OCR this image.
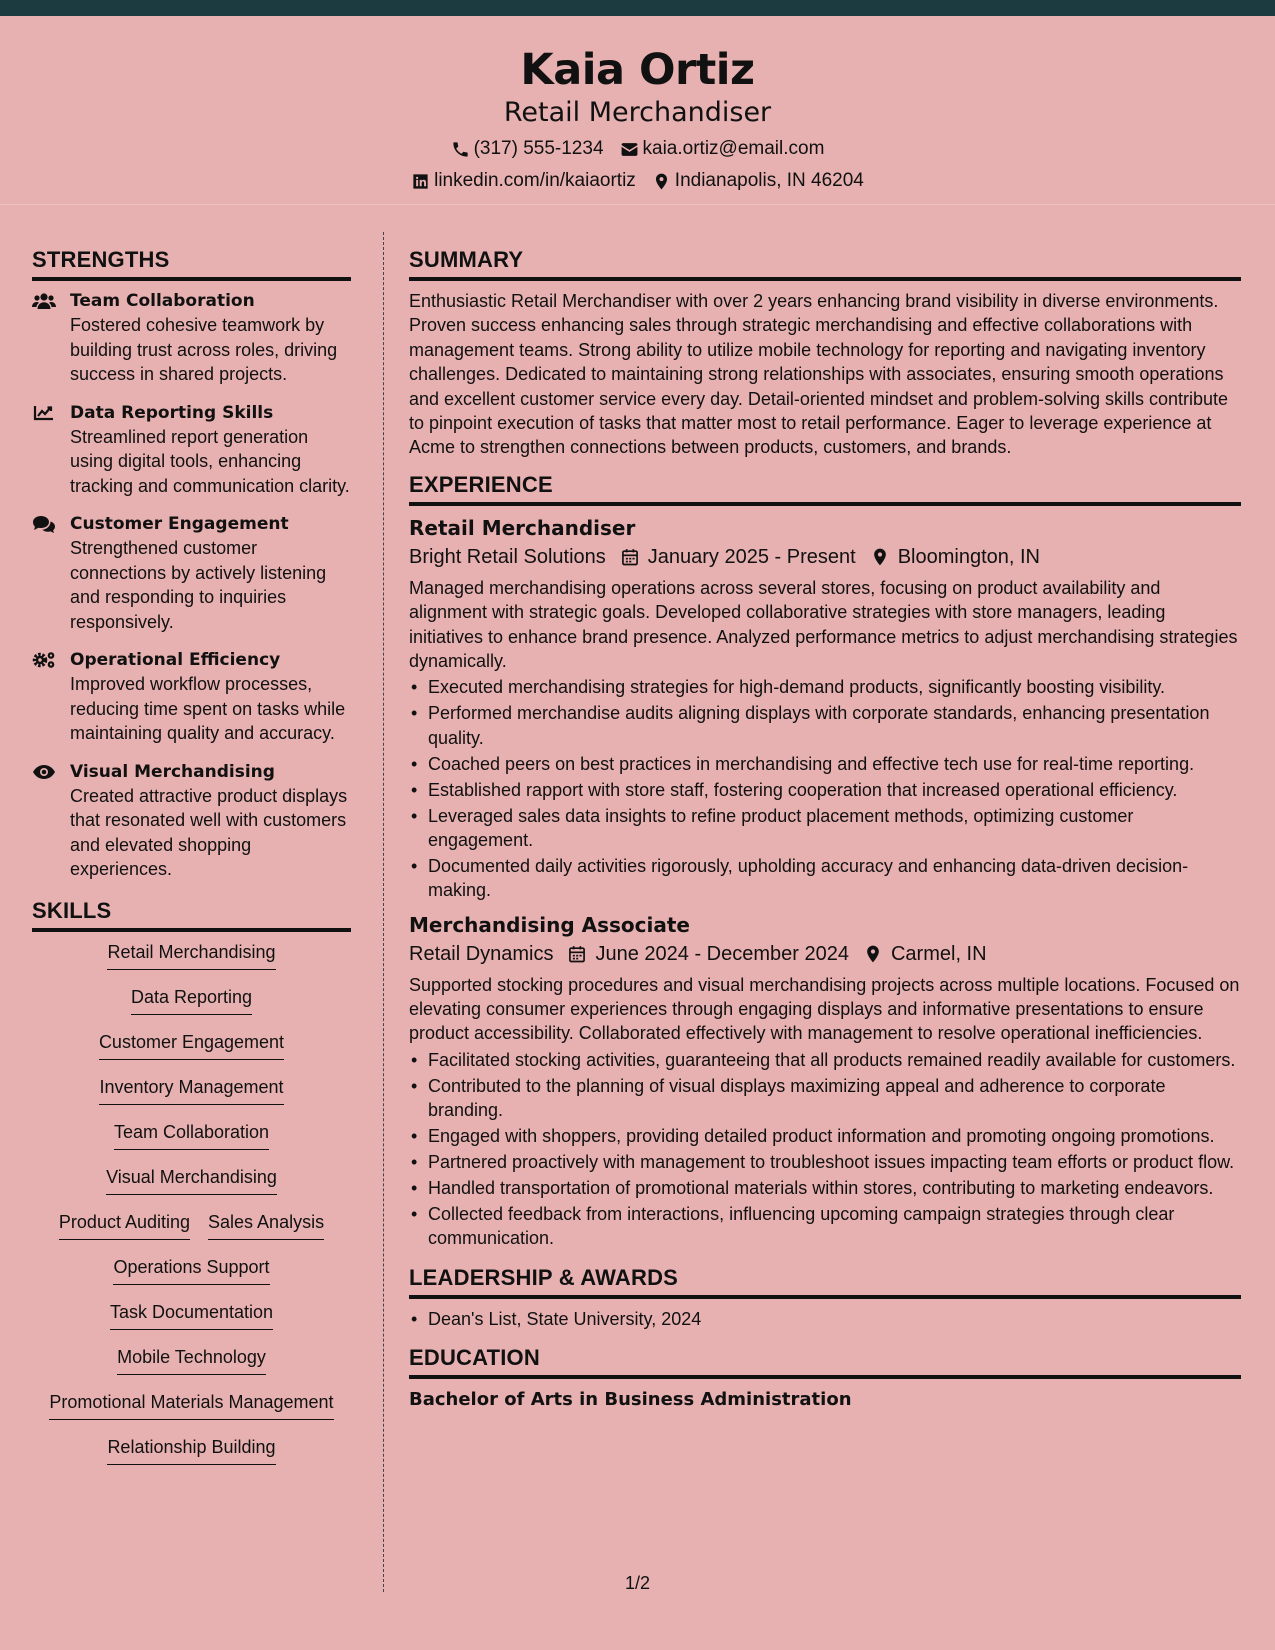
Kaia Ortiz
Retail Merchandiser
(317) 555-1234 kaia.ortiz@email.com
linkedin.com/in/kaiaortiz Indianapolis, IN 46204
STRENGTHS
Team Collaboration
Fostered cohesive teamwork by building trust across roles, driving success in shared projects.
Data Reporting Skills
Streamlined report generation using digital tools, enhancing tracking and communication clarity.
Customer Engagement
Strengthened customer connections by actively listening and responding to inquiries responsively.
Operational Efficiency
Improved workflow processes, reducing time spent on tasks while maintaining quality and accuracy.
Visual Merchandising
Created attractive product displays that resonated well with customers and elevated shopping experiences.
SKILLS
Retail Merchandising
Data Reporting
Customer Engagement
Inventory Management
Team Collaboration
Visual Merchandising
Product Auditing Sales Analysis
Operations Support
Task Documentation
Mobile Technology
Promotional Materials Management
Relationship Building
SUMMARY
Enthusiastic Retail Merchandiser with over 2 years enhancing brand visibility in diverse environments. Proven success enhancing sales through strategic merchandising and effective collaborations with management teams. Strong ability to utilize mobile technology for reporting and navigating inventory challenges. Dedicated to maintaining strong relationships with associates, ensuring smooth operations and excellent customer service every day. Detail-oriented mindset and problem-solving skills contribute to pinpoint execution of tasks that matter most to retail performance. Eager to leverage experience at Acme to strengthen connections between products, customers, and brands.
EXPERIENCE
Retail Merchandiser
Bright Retail Solutions January 2025 - Present Bloomington, IN
Managed merchandising operations across several stores, focusing on product availability and alignment with strategic goals. Developed collaborative strategies with store managers, leading initiatives to enhance brand presence. Analyzed performance metrics to adjust merchandising strategies dynamically.
• Executed merchandising strategies for high-demand products, significantly boosting visibility.
• Performed merchandise audits aligning displays with corporate standards, enhancing presentation quality.
• Coached peers on best practices in merchandising and effective tech use for real-time reporting.
• Established rapport with store staff, fostering cooperation that increased operational efficiency.
• Leveraged sales data insights to refine product placement methods, optimizing customer engagement.
• Documented daily activities rigorously, upholding accuracy and enhancing data-driven decision-making.
Merchandising Associate
Retail Dynamics June 2024 - December 2024 Carmel, IN
Supported stocking procedures and visual merchandising projects across multiple locations. Focused on elevating consumer experiences through engaging displays and informative presentations to ensure product accessibility. Collaborated effectively with management to resolve operational inefficiencies.
• Facilitated stocking activities, guaranteeing that all products remained readily available for customers.
• Contributed to the planning of visual displays maximizing appeal and adherence to corporate branding.
• Engaged with shoppers, providing detailed product information and promoting ongoing promotions.
• Partnered proactively with management to troubleshoot issues impacting team efforts or product flow.
• Handled transportation of promotional materials within stores, contributing to marketing endeavors.
• Collected feedback from interactions, influencing upcoming campaign strategies through clear communication.
LEADERSHIP & AWARDS
• Dean's List, State University, 2024
EDUCATION
Bachelor of Arts in Business Administration
1/2
